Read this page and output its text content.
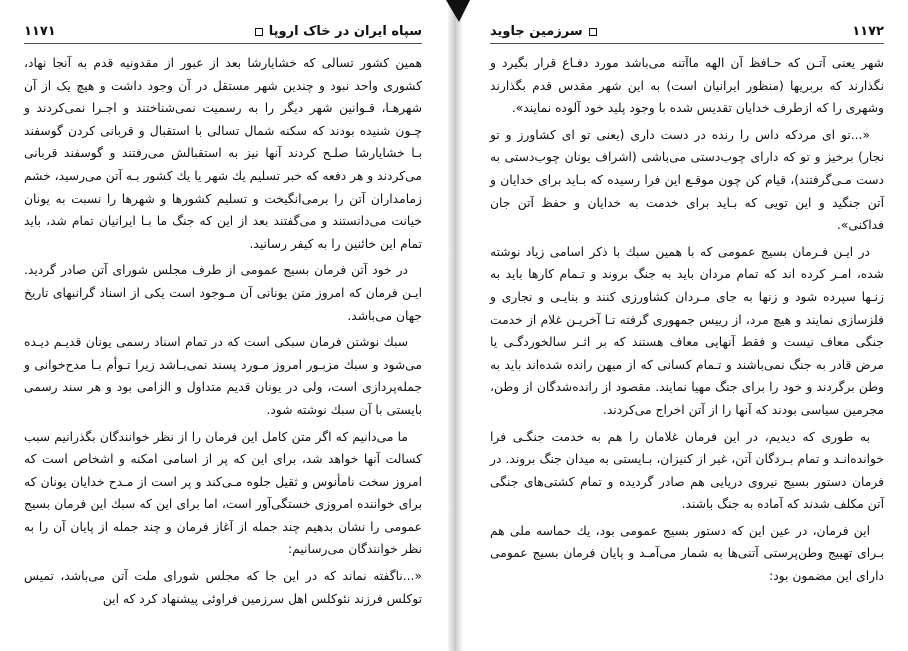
سپاه ایران در خاک اروپا
۱۱۷۱

همین کشور تسالی که خشایارشا بعد از عبور از مقدونیه قدم به آنجا نهاد، کشوری واحد نبود و چندین شهر مستقل در آن وجود داشت و هیچ یک از آن شهرهـا، قـوانین شهر دیگر را به رسمیت نمی‌شناختند و اجـرا نمی‌کردند و چـون شنیده بودند که سکنه شمال تسالی با استقبال و قربانی کردن گوسفند بـا خشایارشا صلـح کردند آنها نیز به استقبالش می‌رفتند و گوسفند قربانی می‌کردند و هر دفعه که خبر تسلیم یك شهر یا یك کشور بـه آتن می‌رسید، خشم زمامداران آتن را برمی‌انگیخت و تسلیم کشورها و شهرها را نسبت به یونان خیانت می‌دانستند و می‌گفتند بعد از این که جنگ ما بـا ایرانیان تمام شد، باید تمام این خائنین را به کیفر رسانید.

در خود آتن فرمان بسیج عمومی از طرف مجلس شورای آتن صادر گردید. ایـن فرمان که امروز متن یونانی آن مـوجود است یکی از اسناد گرانبهای تاریخ جهان می‌باشد.

سبك نوشتن فرمان سبکی است که در تمام اسناد رسمی یونان قدیـم دیـده می‌شود و سبك مزبـور امروز مـورد پسند نمی‌بـاشد زیرا تـوأم بـا مدح‌خوانی و جمله‌پردازی است، ولی در یونان قدیم متداول و الزامی بود و هر سند رسمی بایستی با آن سبك نوشته شود.

ما می‌دانیم که اگر متن کامل این فرمان را از نظر خوانندگان بگذرانیم سبب کسالت آنها خواهد شد، برای این که پر از اسامی امکنه و اشخاص است که امروز سخت نامأنوس و ثقیل جلوه مـی‌کند و پر است از مـدح خدایان یونان که برای خواننده امروزی خستگی‌آور است، اما برای این که سبك این فرمان بسیج عمومی را نشان بدهیم چند جمله از آغاز فرمان و چند جمله از پایان آن را به نظر خوانندگان می‌رسانیم:

«...ناگفته نماند که در این جا که مجلس شورای ملت آتن می‌باشد، تمیس توکلس فرزند نئوکلس اهل سرزمین فراوئی پیشنهاد کرد که این

۱۱۷۲
سرزمین جاوید

شهر یعنی آتـن که حـافظ آن الهه ماآتنه می‌باشد مورد دفـاع قرار بگیرد و نگذارند که بربریها (منظور ایرانیان است) به این شهر مقدس قدم بگذارند وشهری را که ازطرف خدایان تقدیس شده با وجود پلید خود آلوده نمایند».

«...تو ای مردکه داس را رنده در دست داری (یعنی تو ای کشاورز و تو نجار) برخیز و تو که دارای چوب‌دستی می‌باشی (اشراف یونان چوب‌دستی به دست مـی‌گرفتند)، قیام کن چون موقـع این فرا رسیده که بـاید برای خدایان و آتن جنگید و این تویی که بـاید برای خدمت به خدایان و حفظ آتن جان فداکنی».

در ایـن فـرمان بسیج عمومی که با همین سبك با ذکر اسامی زیاد نوشته شده، امـر کرده اند که تمام مردان باید به جنگ بروند و تـمام کارها باید به زنـها سپرده شود و زنها به جای مـردان کشاورزی کنند و بنایـی و نجاری و فلزسازی نمایند و هیچ مرد، از رییس جمهوری گرفته تـا آخریـن غلام از خدمت جنگی معاف نیست و فقط آنهایی معاف هستند که بر اثـر سالخوردگـی یا مرض قادر به جنگ نمی‌باشند و تـمام کسانی که از میهن رانده شده‌اند باید به وطن برگردند و خود را برای جنگ مهیا نمایند. مقصود از رانده‌شدگان از وطن، مجرمین سیاسی بودند که آنها را از آتن اخراج می‌کردند.

به طوری که دیدیم، در این فرمان غلامان را هم به خدمت جنگـی فرا خوانده‌انـد و تمام بـردگان آتن، غیر از کنیزان، بـایستی به میدان جنگ بروند. در فرمان دستور بسیج نیروی دریایی هم صادر گردیده و تمام کشتی‌های جنگی آتن مکلف شدند که آماده به جنگ باشند.

این فرمان، در عین این که دستور بسیج عمومی بود، یك حماسه ملی هم بـرای تهییج وطن‌پرستی آتنی‌ها به شمار می‌آمـد و پایان فرمان بسیج عمومی دارای این مضمون بود:
